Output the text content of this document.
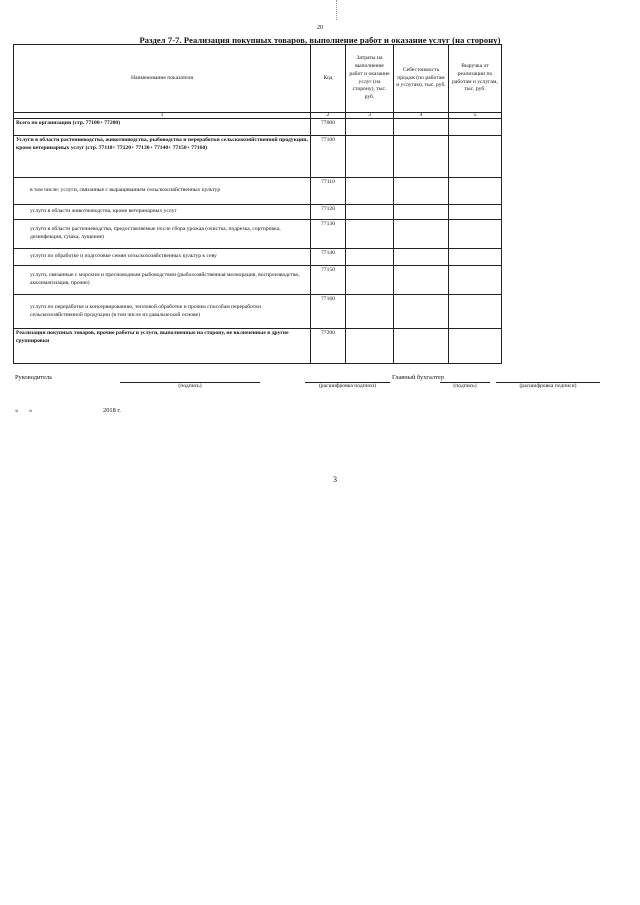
20
Раздел 7-7. Реализация покупных товаров, выполнение работ и оказание услуг (на сторону)
Наименование показателя	Код	Затраты на выполнение работ и оказание услуг (на сторону), тыс. руб.	Себестоимость продаж (по работам и услугам), тыс. руб.	Выручка от реализации по работам и услугам, тыс. руб.
1	2	3	4	5
Всего по организации (стр. 77100+ 77200)	77000			
Услуги в области растениеводства, животноводства, рыбоводства и переработки сельскохозяйственной продукции, кроме ветеринарных услуг (стр. 77110+ 77120+ 77130+ 77140+ 77150+ 77160)	77100			
в том числе: услуги, связанные с выращиванием сельскохозяйственных культур	77110			
услуги в области животноводства, кроме ветеринарных услуг	77120			
услуги в области растениеводства, предоставляемые после сбора урожая (очистка, подрезка, сортировка, дезинфекция, сушка, лущение)	77130			
услуги по обработке и подготовке семян сельскохозяйственных культур к севу	77140			
услуги, связанные с морским и пресноводным рыбоводством (рыбохозяйственная мелиорация, воспроизводство, акклиматизация, прочие)	77150			
услуги по переработке и консервированию, тепловой обработке и прочим способам переработки сельскохозяйственной продукции (в том числе из давальческой основе)	77160			
Реализация покупных товаров, прочие работы и услуги, выполненные на сторону, не включенные в другие группировки	77200			
Руководитель
(подпись)	(расшифровка подписи)
Главный бухгалтер
(подпись)	(расшифровка подписи)
« »	2018 г.
3
